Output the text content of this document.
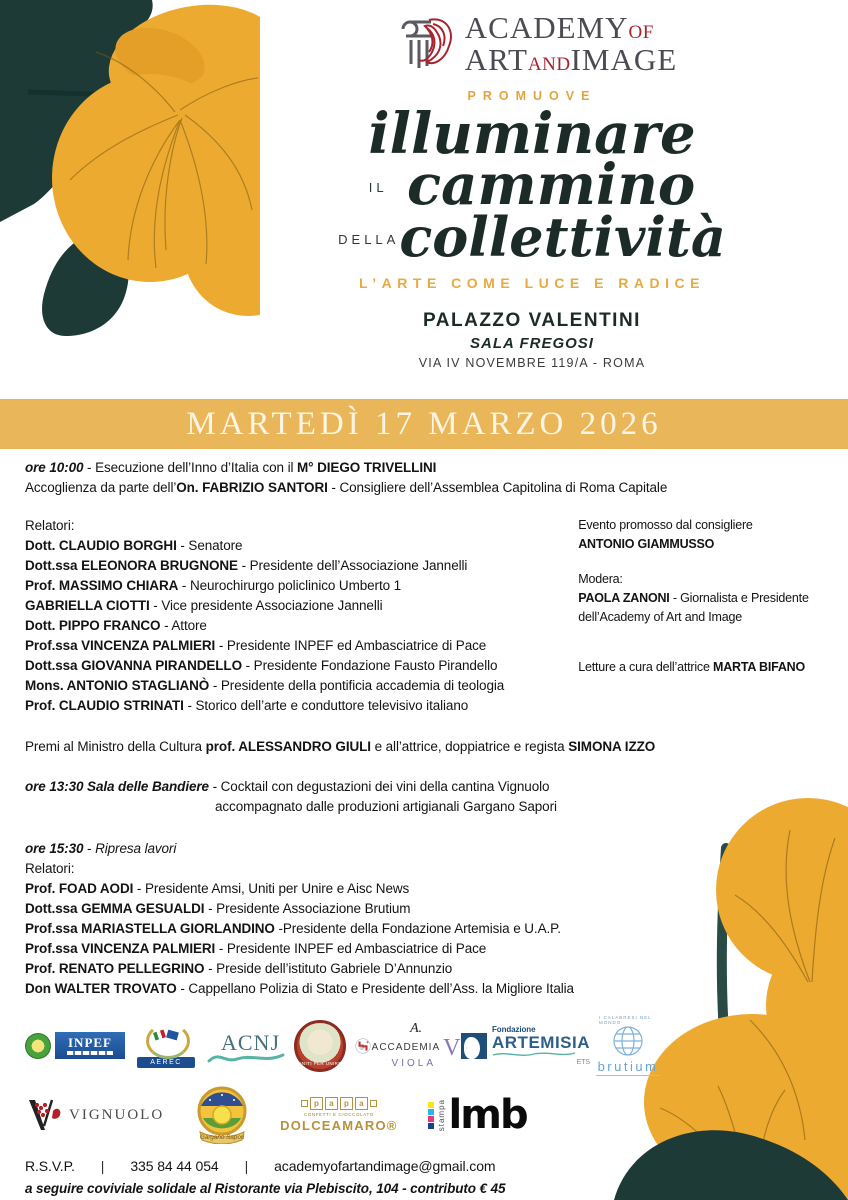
ACADEMYOF
ARTANDIMAGE
PROMUOVE
illuminare
$^{IL}$ cammino
$^{DELLA}$collettività
L’ARTE COME LUCE E RADICE
PALAZZO VALENTINI
SALA FREGOSI
VIA IV NOVEMBRE 119/A - ROMA
MARTEDÌ 17 MARZO 2026
ore 10:00 - Esecuzione dell’Inno d’Italia con il M° DIEGO TRIVELLINI
Accoglienza da parte dell’On. FABRIZIO SANTORI - Consigliere dell’Assemblea Capitolina di Roma Capitale
Relatori:
Dott. CLAUDIO BORGHI - Senatore
Dott.ssa ELEONORA BRUGNONE - Presidente dell’Associazione Jannelli
Prof. MASSIMO CHIARA - Neurochirurgo policlinico Umberto 1
GABRIELLA CIOTTI - Vice presidente Associazione Jannelli
Dott. PIPPO FRANCO - Attore
Prof.ssa VINCENZA PALMIERI - Presidente INPEF ed Ambasciatrice di Pace
Dott.ssa GIOVANNA PIRANDELLO - Presidente Fondazione Fausto Pirandello
Mons. ANTONIO STAGLIANÒ - Presidente della pontificia accademia di teologia
Prof. CLAUDIO STRINATI - Storico dell’arte e conduttore televisivo italiano
Evento promosso dal consigliere
ANTONIO GIAMMUSSO
Modera:
PAOLA ZANONI - Giornalista e Presidente dell’Academy of Art and Image
Letture a cura dell’attrice MARTA BIFANO
Premi al Ministro della Cultura prof. ALESSANDRO GIULI e all’attrice, doppiatrice e regista SIMONA IZZO
ore 13:30 Sala delle Bandiere - Cocktail con degustazioni dei vini della cantina Vignuolo
accompagnato dalle produzioni artigianali Gargano Sapori
ore 15:30 - Ripresa lavori
Relatori:
Prof. FOAD AODI - Presidente Amsi, Uniti per Unire e Aisc News
Dott.ssa GEMMA GESUALDI - Presidente Associazione Brutium
Prof.ssa MARIASTELLA GIORLANDINO -Presidente della Fondazione Artemisia e U.A.P.
Prof.ssa VINCENZA PALMIERI - Presidente INPEF ed Ambasciatrice di Pace
Prof. RENATO PELLEGRINO - Preside dell’istituto Gabriele D’Annunzio
Don WALTER TROVATO - Cappellano Polizia di Stato e Presidente dell’Ass. la Migliore Italia
INPEF
AEREC
ACNJ
UNITI PER UNIRE
A.
ACCADEMIA V
VIOLA
Fondazione
ARTEMISIA
ETS
I CALABRESI NEL MONDO
brutium
VIGNUOLO
Gargano Sapori
p	a	p	a
CONFETTI E CIOCCOLATO
DOLCEAMARO®	stampa lmb
R.S.V.P. | 335 84 44 054 | academyofartandimage@gmail.com
a seguire coviviale solidale al Ristorante via Plebiscito, 104 - contributo € 45
